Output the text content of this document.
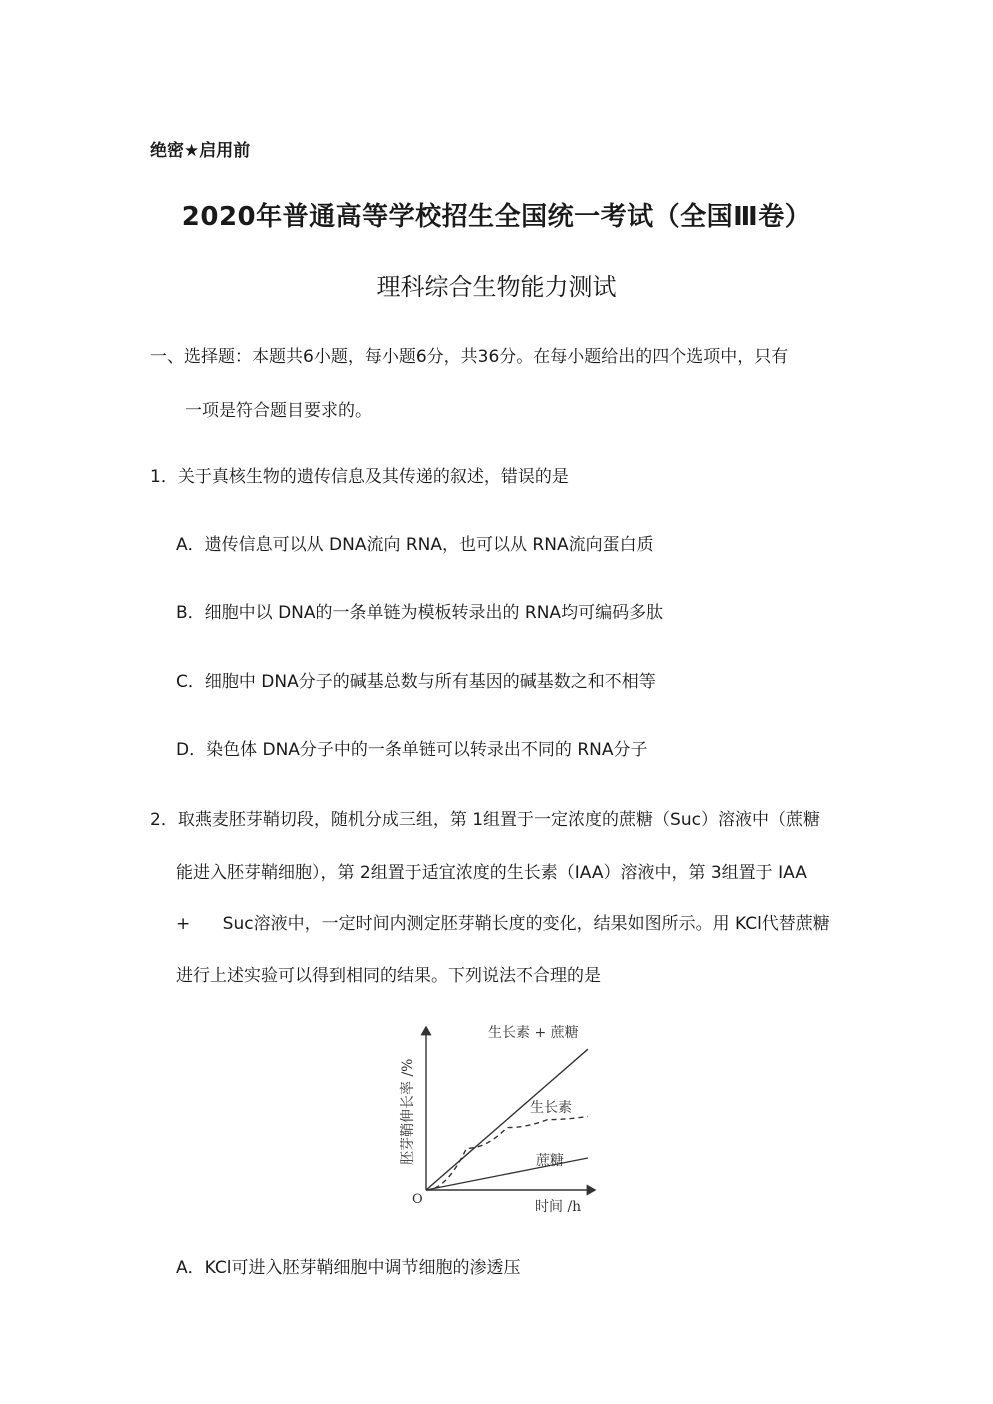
绝密★启用前
2020年普通高等学校招生全国统一考试（全国Ⅲ卷）
理科综合生物能力测试
一、选择题：本题共6小题，每小题6分，共36分。在每小题给出的四个选项中，只有
一项是符合题目要求的。
1．关于真核生物的遗传信息及其传递的叙述，错误的是
A．遗传信息可以从 DNA流向 RNA，也可以从 RNA流向蛋白质
B．细胞中以 DNA的一条单链为模板转录出的 RNA均可编码多肽
C．细胞中 DNA分子的碱基总数与所有基因的碱基数之和不相等
D．染色体 DNA分子中的一条单链可以转录出不同的 RNA分子
2．取燕麦胚芽鞘切段，随机分成三组，第 1组置于一定浓度的蔗糖（Suc）溶液中（蔗糖
能进入胚芽鞘细胞），第 2组置于适宜浓度的生长素（IAA）溶液中，第 3组置于 IAA
+      Suc溶液中，一定时间内测定胚芽鞘长度的变化，结果如图所示。用 KCl代替蔗糖
进行上述实验可以得到相同的结果。下列说法不合理的是
O	时间 /h
胚芽鞘伸长率 /%
生长素 + 蔗糖
生长素
蔗糖
A．KCl可进入胚芽鞘细胞中调节细胞的渗透压
